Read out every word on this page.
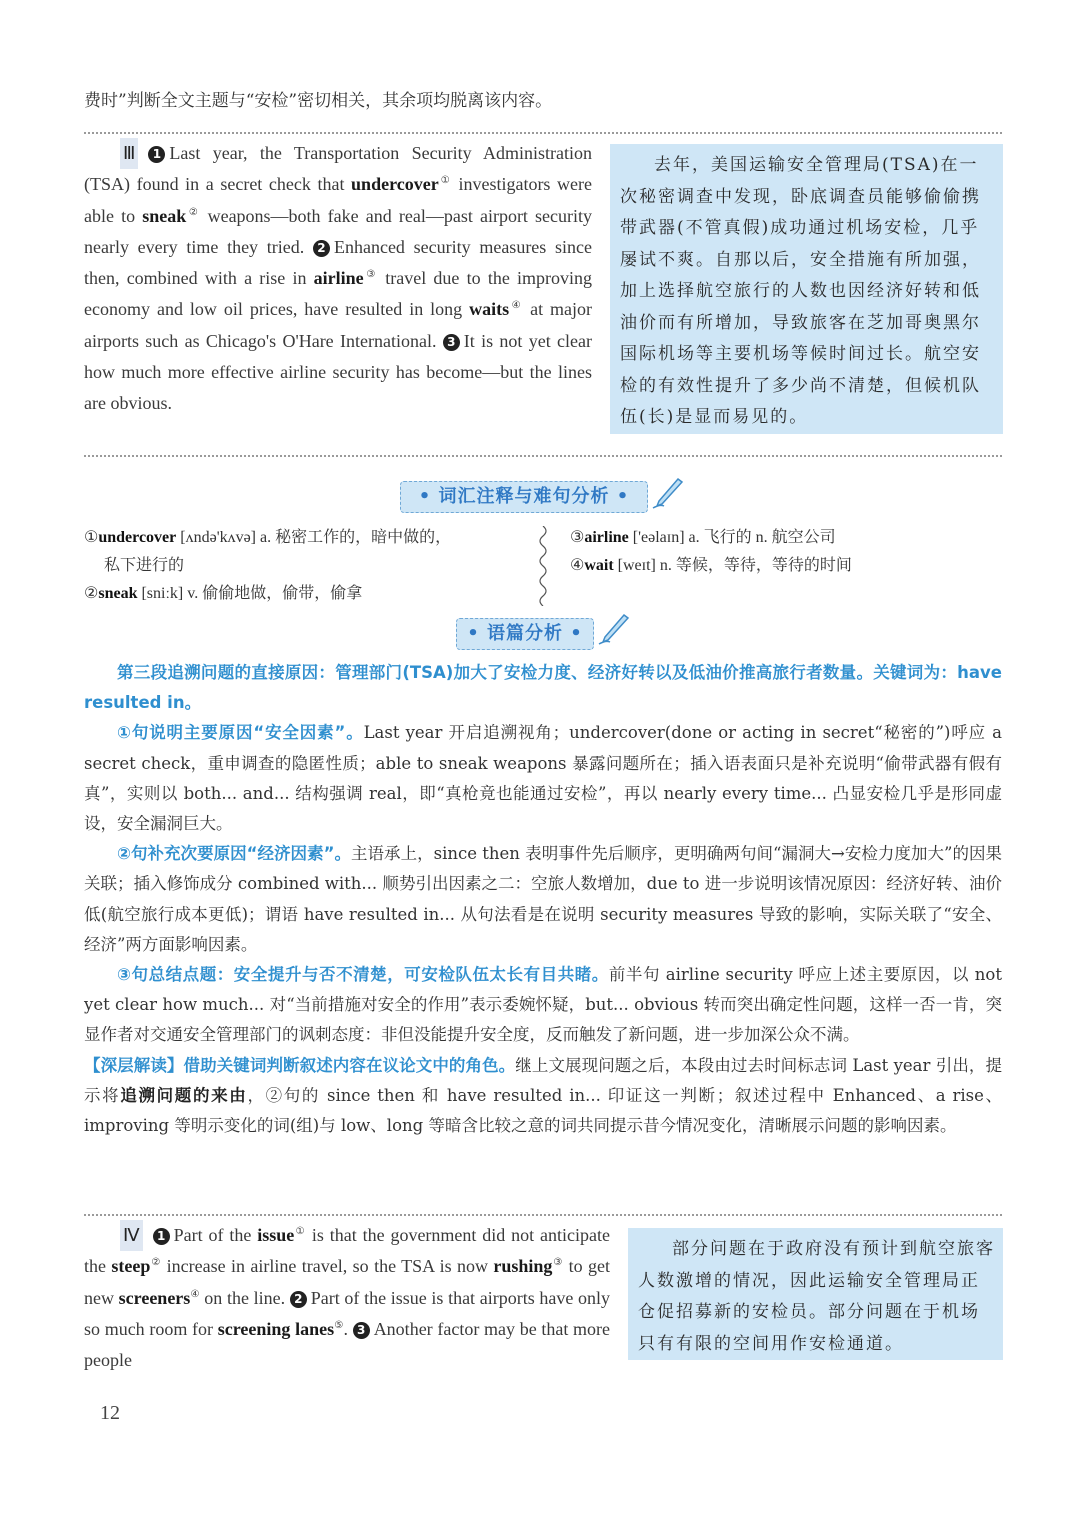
费时”判断全文主题与“安检”密切相关，其余项均脱离该内容。
Ⅲ 1 Last year, the Transportation Security Administration (TSA) found in a secret check that undercover① investigators were able to sneak② weapons—both fake and real—past airport security nearly every time they tried. 2 Enhanced security measures since then, combined with a rise in airline③ travel due to the improving economy and low oil prices, have resulted in long waits④ at major airports such as Chicago's O'Hare International. 3 It is not yet clear how much more effective airline security has become—but the lines are obvious.
去年，美国运输安全管理局(TSA)在一次秘密调查中发现，卧底调查员能够偷偷携带武器(不管真假)成功通过机场安检，几乎屡试不爽。自那以后，安全措施有所加强，加上选择航空旅行的人数也因经济好转和低油价而有所增加，导致旅客在芝加哥奥黑尔国际机场等主要机场等候时间过长。航空安检的有效性提升了多少尚不清楚，但候机队伍(长)是显而易见的。
• 词汇注释与难句分析 •
①undercover [ʌndə'kʌvə] a. 秘密工作的，暗中做的，
私下进行的
②sneak [sniːk] v. 偷偷地做，偷带，偷拿
③airline ['eəlaɪn] a. 飞行的 n. 航空公司
④wait [weɪt] n. 等候，等待，等待的时间
• 语篇分析 •
第三段追溯问题的直接原因：管理部门(TSA)加大了安检力度、经济好转以及低油价推高旅行者数量。关键词为：have resulted in。
①句说明主要原因“安全因素”。Last year 开启追溯视角；undercover(done or acting in secret“秘密的”)呼应 a secret check，重申调查的隐匿性质；able to sneak weapons 暴露问题所在；插入语表面只是补充说明“偷带武器有假有真”，实则以 both... and... 结构强调 real，即“真枪竟也能通过安检”，再以 nearly every time... 凸显安检几乎是形同虚设，安全漏洞巨大。
②句补充次要原因“经济因素”。主语承上，since then 表明事件先后顺序，更明确两句间“漏洞大→安检力度加大”的因果关联；插入修饰成分 combined with... 顺势引出因素之二：空旅人数增加，due to 进一步说明该情况原因：经济好转、油价低(航空旅行成本更低)；谓语 have resulted in... 从句法看是在说明 security measures 导致的影响，实际关联了“安全、经济”两方面影响因素。
③句总结点题：安全提升与否不清楚，可安检队伍太长有目共睹。前半句 airline security 呼应上述主要原因，以 not yet clear how much... 对“当前措施对安全的作用”表示委婉怀疑，but... obvious 转而突出确定性问题，这样一否一肯，突显作者对交通安全管理部门的讽刺态度：非但没能提升安全度，反而触发了新问题，进一步加深公众不满。
【深层解读】借助关键词判断叙述内容在议论文中的角色。继上文展现问题之后，本段由过去时间标志词 Last year 引出，提示将追溯问题的来由，②句的 since then 和 have resulted in... 印证这一判断；叙述过程中 Enhanced、a rise、improving 等明示变化的词(组)与 low、long 等暗含比较之意的词共同提示昔今情况变化，清晰展示问题的影响因素。
Ⅳ 1 Part of the issue① is that the government did not anticipate the steep② increase in airline travel, so the TSA is now rushing③ to get new screeners④ on the line. 2 Part of the issue is that airports have only so much room for screening lanes⑤. 3 Another factor may be that more people
部分问题在于政府没有预计到航空旅客人数激增的情况，因此运输安全管理局正仓促招募新的安检员。部分问题在于机场只有有限的空间用作安检通道。
12
